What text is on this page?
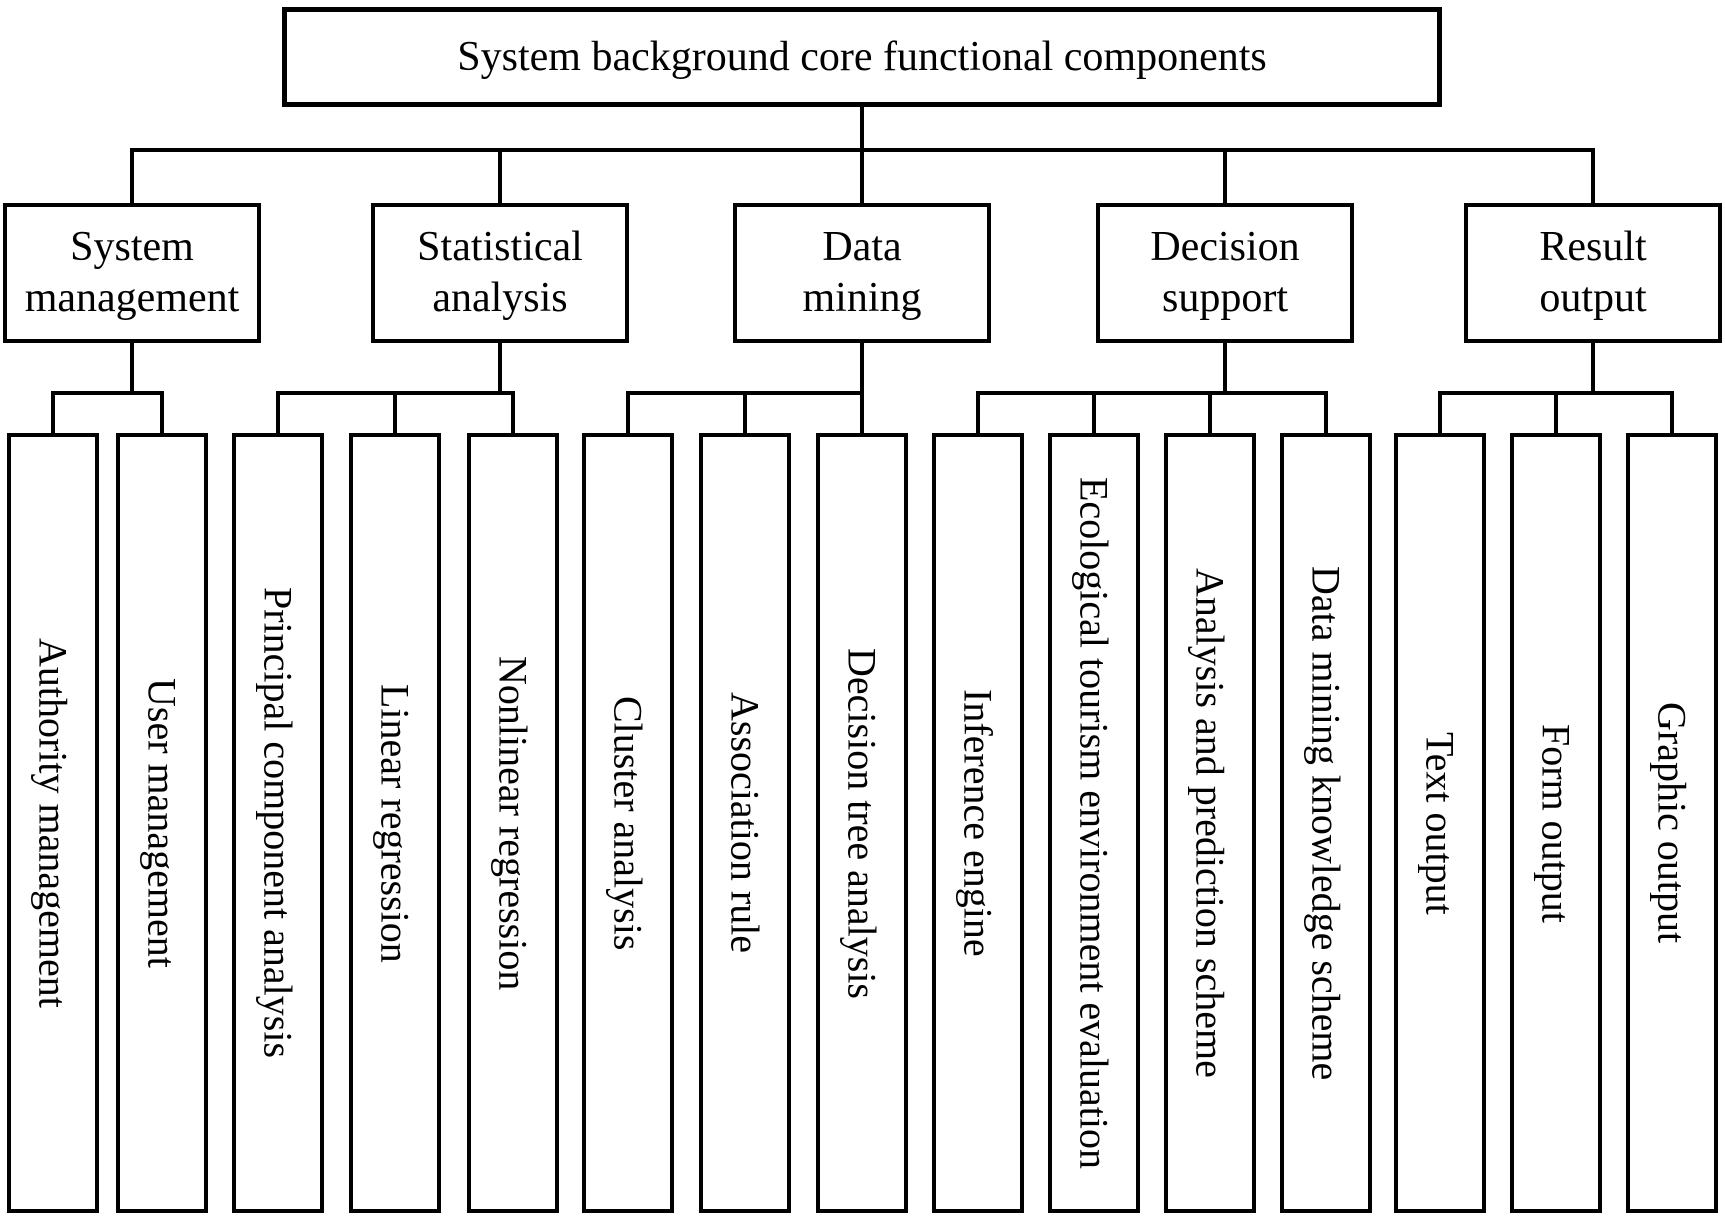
System background core functional components
System management
Authority management User management
Statistical analysis
Principal component analysis Linear regression Nonlinear regression
Data mining
Cluster analysis Association rule Decision tree analysis
Decision support
Inference engine Ecological tourism environment evaluation Analysis and prediction scheme Data mining knowledge scheme
Result output
Text output Form output Graphic output
